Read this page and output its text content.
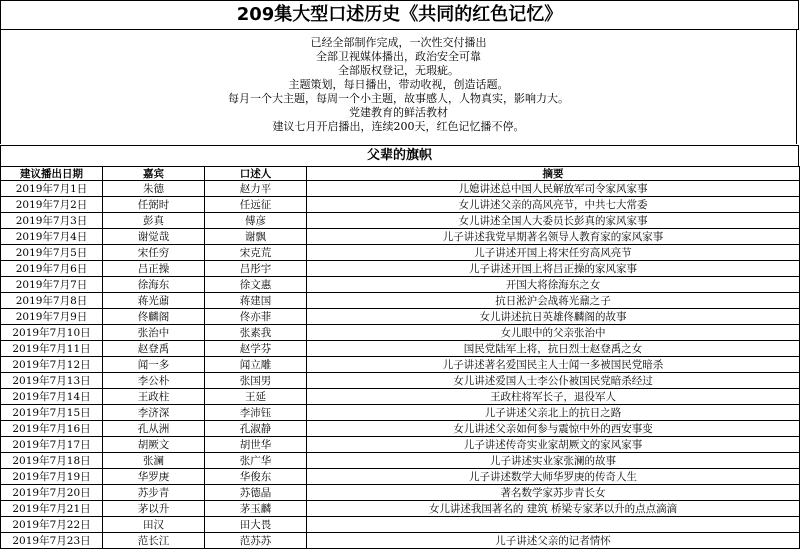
209集大型口述历史《共同的红色记忆》
已经全部制作完成，一次性交付播出
全部卫视媒体播出，政治安全可靠
全部版权登记，无瑕疵。
主题策划，每日播出，带动收视，创造话题。
每月一个大主题，每周一个小主题，故事感人，人物真实，影响力大。
党建教育的鲜活教材
建议七月开启播出，连续200天，红色记忆播不停。
父辈的旗帜
建议播出日期	嘉宾	口述人	摘要
2019年7月1日	朱德	赵力平	儿媳讲述总中国人民解放军司令家风家事
2019年7月2日	任弼时	任远征	女儿讲述父亲的高风亮节，中共七大常委
2019年7月3日	彭真	傅彦	女儿讲述全国人大委员长彭真的家风家事
2019年7月4日	谢觉哉	谢飘	儿子讲述我党早期著名领导人教育家的家风家事
2019年7月5日	宋任穷	宋克荒	儿子讲述开国上将宋任穷高风亮节
2019年7月6日	吕正操	吕彤宇	儿子讲述开国上将吕正操的家风家事
2019年7月7日	徐海东	徐文惠	开国大将徐海东之女
2019年7月8日	蒋光鼐	蒋建国	抗日淞沪会战蒋光鼐之子
2019年7月9日	佟麟阁	佟亦菲	女儿讲述抗日英雄佟麟阁的故事
2019年7月10日	张治中	张素我	女儿眼中的父亲张治中
2019年7月11日	赵登禹	赵学芬	国民党陆军上将，抗日烈士赵登禹之女
2019年7月12日	闻一多	闻立雕	儿子讲述著名爱国民主人士闻一多被国民党暗杀
2019年7月13日	李公朴	张国男	女儿讲述爱国人士李公仆被国民党暗杀经过
2019年7月14日	王政柱	王延	王政柱将军长子，退役军人
2019年7月15日	李济深	李沛钰	儿子讲述父亲北上的抗日之路
2019年7月16日	孔从洲	孔淑静	女儿讲述父亲如何参与震惊中外的西安事变
2019年7月17日	胡厥文	胡世华	儿子讲述传奇实业家胡厥文的家风家事
2019年7月18日	张澜	张广华	儿子讲述实业家张澜的故事
2019年7月19日	华罗庚	华俊东	儿子讲述数学大师华罗庚的传奇人生
2019年7月20日	苏步青	苏德晶	著名数学家苏步青长女
2019年7月21日	茅以升	茅玉麟	女儿讲述我国著名的 建筑 桥梁专家茅以升的点点滴滴
2019年7月22日	田汉	田大畏	
2019年7月23日	范长江	范苏苏	儿子讲述父亲的记者情怀
